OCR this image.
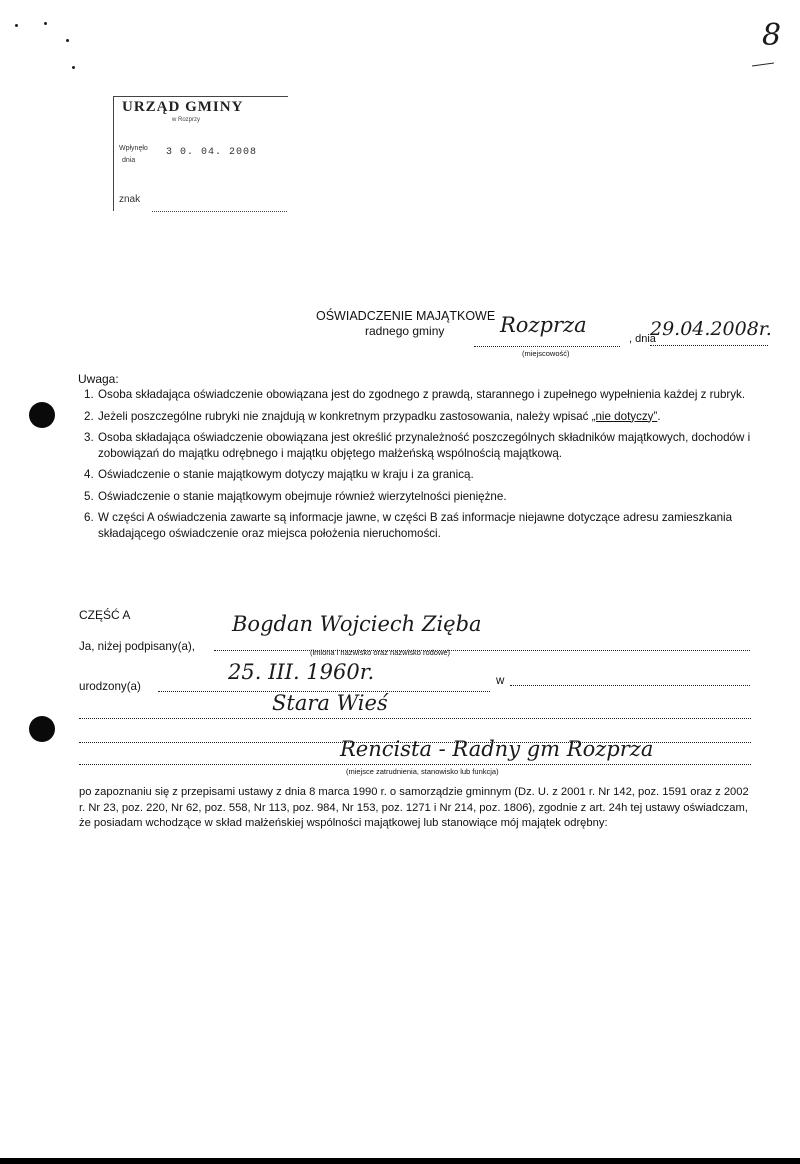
8
URZĄD GMINY
w Rozprzy
Wpłynęło
dnia
3 0. 04. 2008
znak
OŚWIADCZENIE MAJĄTKOWE
radnego gminy	Rozprza
(miejscowość)
, dnia
29.04.2008r.
Uwaga:
1. Osoba składająca oświadczenie obowiązana jest do zgodnego z prawdą, starannego i zupełnego wypełnienia każdej z rubryk.
2. Jeżeli poszczególne rubryki nie znajdują w konkretnym przypadku zastosowania, należy wpisać „nie dotyczy”.
3. Osoba składająca oświadczenie obowiązana jest określić przynależność poszczególnych składników majątkowych, dochodów i zobowiązań do majątku odrębnego i majątku objętego małżeńską wspólnością majątkową.
4. Oświadczenie o stanie majątkowym dotyczy majątku w kraju i za granicą.
5. Oświadczenie o stanie majątkowym obejmuje również wierzytelności pieniężne.
6. W części A oświadczenia zawarte są informacje jawne, w części B zaś informacje niejawne dotyczące adresu zamieszkania składającego oświadczenie oraz miejsca położenia nieruchomości.
CZĘŚĆ A
Ja, niżej podpisany(a),
Bogdan Wojciech Zięba
(imiona i nazwisko oraz nazwisko rodowe)
urodzony(a)
25. III. 1960r.	w
Stara Wieś
Rencista - Radny gm Rozprza
(miejsce zatrudnienia, stanowisko lub funkcja)
po zapoznaniu się z przepisami ustawy z dnia 8 marca 1990 r. o samorządzie gminnym (Dz. U. z 2001 r. Nr 142, poz. 1591 oraz z 2002 r. Nr 23, poz. 220, Nr 62, poz. 558, Nr 113, poz. 984, Nr 153, poz. 1271 i Nr 214, poz. 1806), zgodnie z art. 24h tej ustawy oświadczam, że posiadam wchodzące w skład małżeńskiej wspólności majątkowej lub stanowiące mój majątek odrębny:
